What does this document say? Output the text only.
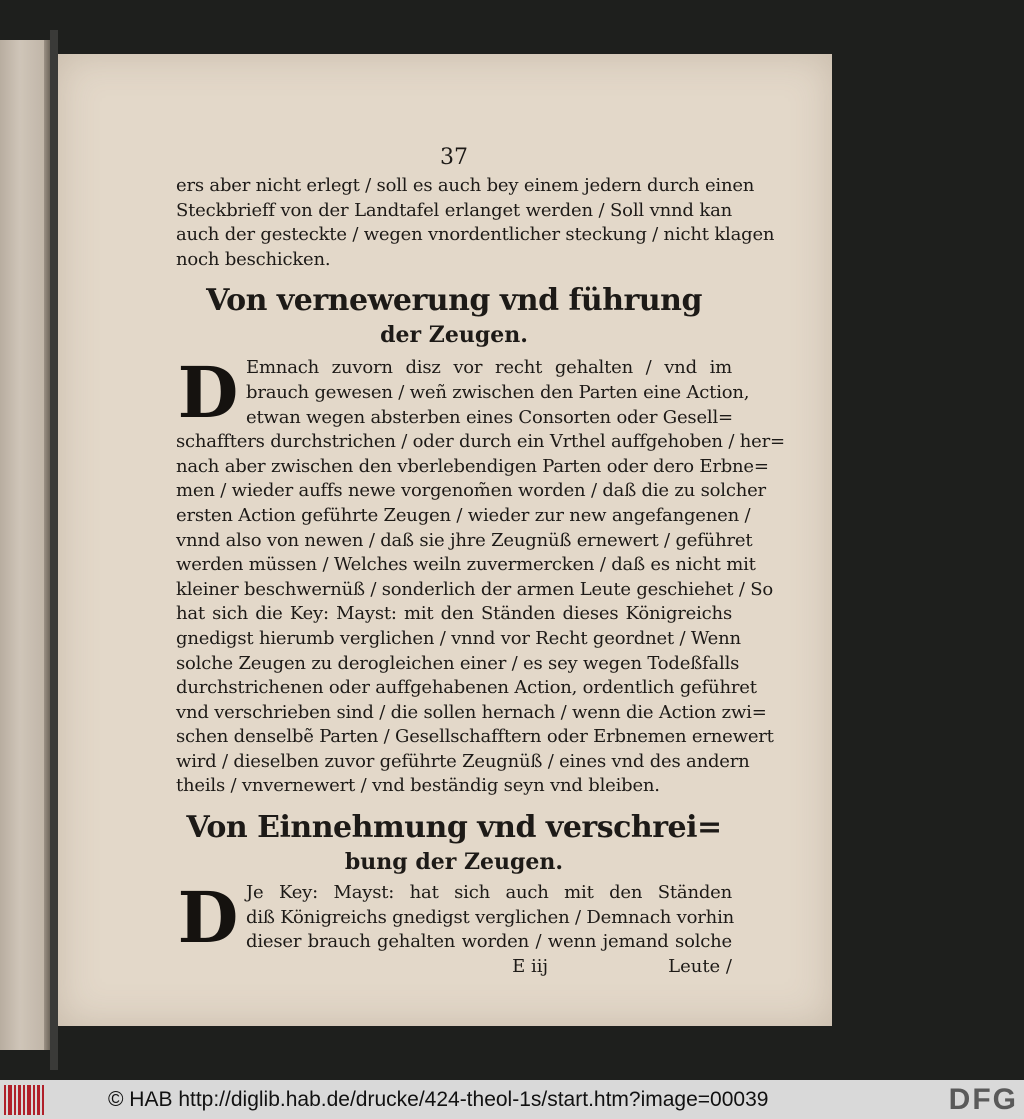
37
ers aber nicht erlegt / soll es auch bey einem jedern durch einen
Steckbrieff von der Landtafel erlanget werden / Soll vnnd kan
auch der gesteckte / wegen vnordentlicher steckung / nicht klagen
noch beschicken.
Von vernewerung vnd führung
der Zeugen.
D Emnach zuvorn disz vor recht gehalten / vnd im
brauch gewesen / weñ zwischen den Parten eine Action,
etwan wegen absterben eines Consorten oder Gesell=
schaffters durchstrichen / oder durch ein Vrthel auffgehoben / her=
nach aber zwischen den vberlebendigen Parten oder dero Erbne=
men / wieder auffs newe vorgenom̃en worden / daß die zu solcher
ersten Action geführte Zeugen / wieder zur new angefangenen /
vnnd also von newen / daß sie jhre Zeugnüß ernewert / geführet
werden müssen / Welches weiln zuvermercken / daß es nicht mit
kleiner beschwernüß / sonderlich der armen Leute geschiehet / So
hat sich die Key: Mayst: mit den Ständen dieses Königreichs
gnedigst hierumb verglichen / vnnd vor Recht geordnet / Wenn
solche Zeugen zu derogleichen einer / es sey wegen Todeßfalls
durchstrichenen oder auffgehabenen Action, ordentlich geführet
vnd verschrieben sind / die sollen hernach / wenn die Action zwi=
schen denselbẽ Parten / Gesellschafftern oder Erbnemen ernewert
wird / dieselben zuvor geführte Zeugnüß / eines vnd des andern
theils / vnvernewert / vnd beständig seyn vnd bleiben.
Von Einnehmung vnd verschrei=
bung der Zeugen.
D Je Key: Mayst: hat sich auch mit den Ständen
diß Königreichs gnedigst verglichen / Demnach vorhin
dieser brauch gehalten worden / wenn jemand solche
E iij	Leute /
© HAB http://diglib.hab.de/drucke/424-theol-1s/start.htm?image=00039	DFG
